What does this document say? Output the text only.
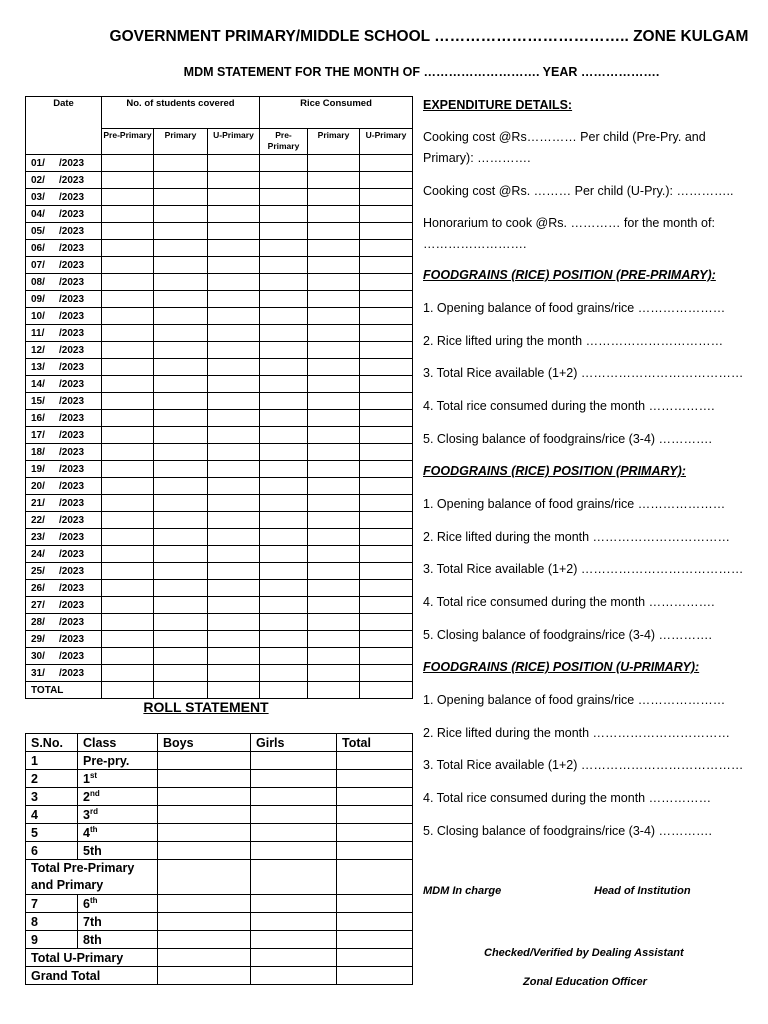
GOVERNMENT PRIMARY/MIDDLE SCHOOL ……………………………….. ZONE KULGAM
MDM STATEMENT FOR THE MONTH OF ………………………. YEAR ……………….
Date	No. of students covered			Rice Consumed		
	Pre-Primary	Primary	U-Primary	Pre-Primary	Primary	U-Primary
01/ /2023						
02/ /2023						
03/ /2023						
04/ /2023						
05/ /2023						
06/ /2023						
07/ /2023						
08/ /2023						
09/ /2023						
10/ /2023						
11/ /2023						
12/ /2023						
13/ /2023						
14/ /2023						
15/ /2023						
16/ /2023						
17/ /2023						
18/ /2023						
19/ /2023						
20/ /2023						
21/ /2023						
22/ /2023						
23/ /2023						
24/ /2023						
25/ /2023						
26/ /2023						
27/ /2023						
28/ /2023						
29/ /2023						
30/ /2023						
31/ /2023						
TOTAL						
ROLL STATEMENT
S.No.	Class	Boys	Girls	Total
1	Pre-pry.			
2	1st			
3	2nd			
4	3rd			
5	4th			
6	5th			
Total Pre-Primary and Primary				
7	6th			
8	7th			
9	8th			
Total U-Primary				
Grand Total				

EXPENDITURE DETAILS:

Cooking cost @Rs………… Per child (Pre-Pry. and

Primary): ………….

Cooking cost @Rs. ……… Per child (U-Pry.): …………..

Honorarium to cook @Rs. ………… for the month of:

…………………….

FOODGRAINS (RICE) POSITION (PRE-PRIMARY):

1. Opening balance of food grains/rice …………………

2. Rice lifted uring the month ……………………………

3. Total Rice available (1+2) …………………………………

4. Total rice consumed during the month …………….

5. Closing balance of foodgrains/rice (3-4) ………….

FOODGRAINS (RICE) POSITION (PRIMARY):

1. Opening balance of food grains/rice …………………

2. Rice lifted during the month ……………………………

3. Total Rice available (1+2) …………………………………

4. Total rice consumed during the month …………….

5. Closing balance of foodgrains/rice (3-4) ………….

FOODGRAINS (RICE) POSITION (U-PRIMARY):

1. Opening balance of food grains/rice …………………

2. Rice lifted during the month ……………………………

3. Total Rice available (1+2) …………………………………

4. Total rice consumed during the month ……………

5. Closing balance of foodgrains/rice (3-4) ………….

MDM In charge	Head of Institution
Checked/Verified by Dealing Assistant
Zonal Education Officer
